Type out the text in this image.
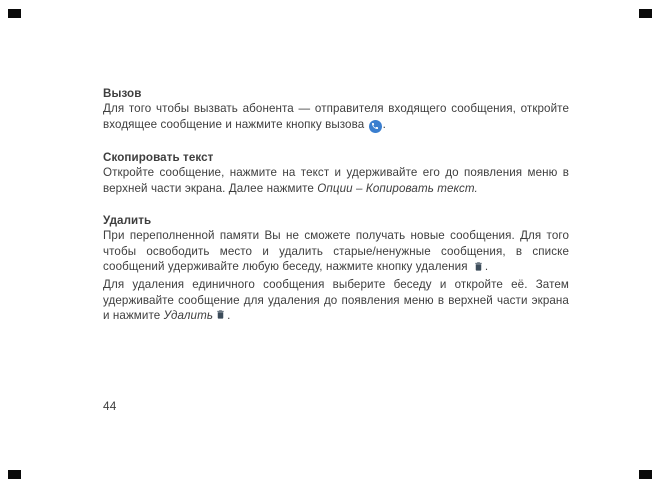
Вызов

Для того чтобы вызвать абонента — отправителя входящего сообщения, откройте входящее сообщение и нажмите кнопку вызова
.

Скопировать текст

Откройте сообщение, нажмите на текст и удерживайте его до появления меню в верхней части экрана. Далее нажмите Опции – Копировать текст.

Удалить

При переполненной памяти Вы не сможете получать новые сообщения. Для того чтобы освободить место и удалить старые/ненужные сообщения, в списке сообщений удерживайте любую беседу, нажмите кнопку удаления .

Для удаления единичного сообщения выберите беседу и откройте её. Затем удерживайте сообщение для удаления до появления меню в верхней части экрана и нажмите Удалить .

44
